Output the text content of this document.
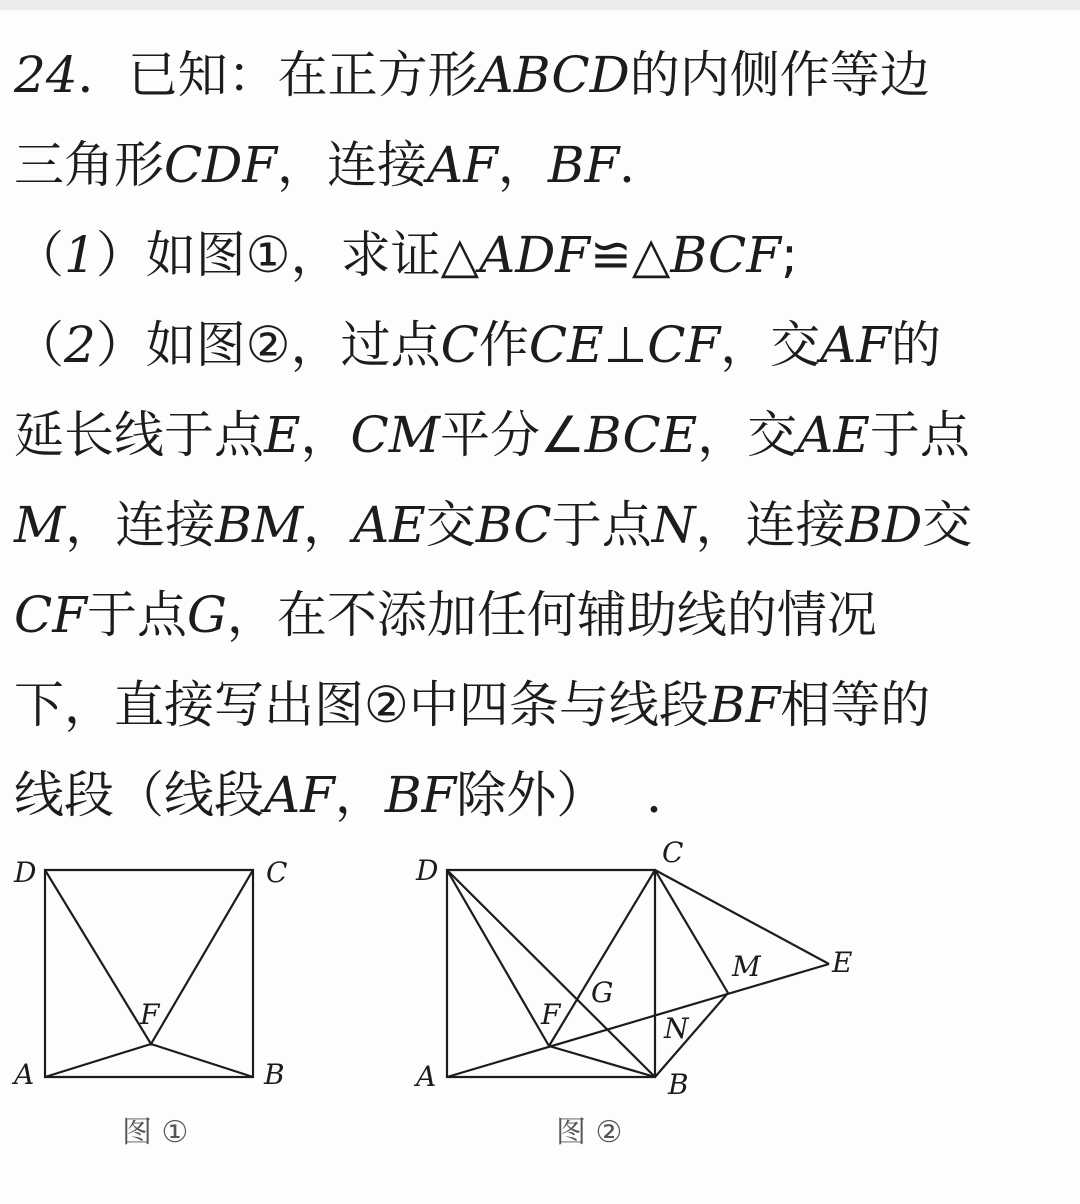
24．已知：在正方形ABCD的内侧作等边
三角形CDF，连接AF，BF．
（1）如图①，求证△ADF≌△BCF;
（2）如图②，过点C作CE⊥CF，交AF的
延长线于点E，CM平分∠BCE，交AE于点
M，连接BM，AE交BC于点N，连接BD交
CF于点G，在不添加任何辅助线的情况
下，直接写出图②中四条与线段BF相等的
线段（线段AF，BF除外） ．
D	C
F
A	B
图 ①
D
C
E
M
G
F	N
A	B
图 ②
